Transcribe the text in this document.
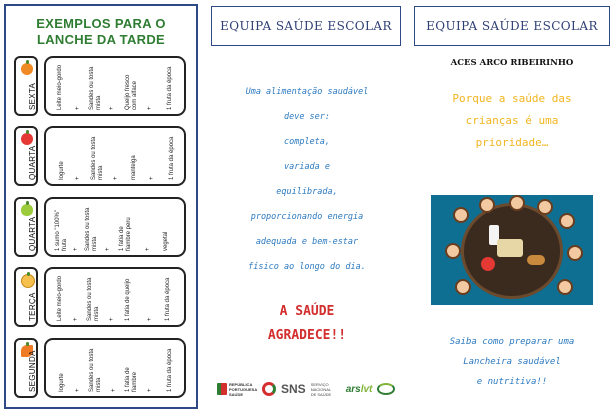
EXEMPLOS PARA O
LANCHE DA TARDE
SEXTA	Leite meio-gordo + Sandes ou tosta
mista + Queijo fresco
com alface
+ 1 fruta da época
QUARTA	Iogurte + Sandes ou tosta
mista + manteiga + 1 fruta da época
QUARTA	1 sumo "100%"
fruta + Sandes ou tosta
mista + 1 fatia de
fiambre peru
+ vegetal
TERÇA	Leite meio-gordo + Sandes ou tosta
mista + 1 fatia de queijo	+ 1 fruta da época
SEGUNDA	Iogurte + Sandes ou tosta
mista + 1 fatia de
fiambre + 1 fruta da época
EQUIPA SAÚDE ESCOLAR
Uma alimentação saudável
deve ser:
completa,
variada e
equilibrada,
proporcionando energia
adequada e bem-estar
físico ao longo do dia.
A SAÚDE
AGRADECE!!
REPÚBLICA
PORTUGUESA
SAÚDE	SNS SERVIÇO NACIONAL
DE SAÚDE	arslvt
EQUIPA SAÚDE ESCOLAR
ACES ARCO RIBEIRINHO
Porque a saúde das
crianças é uma
prioridade…
Saiba como preparar uma
Lancheira saudável
e nutritiva!!
